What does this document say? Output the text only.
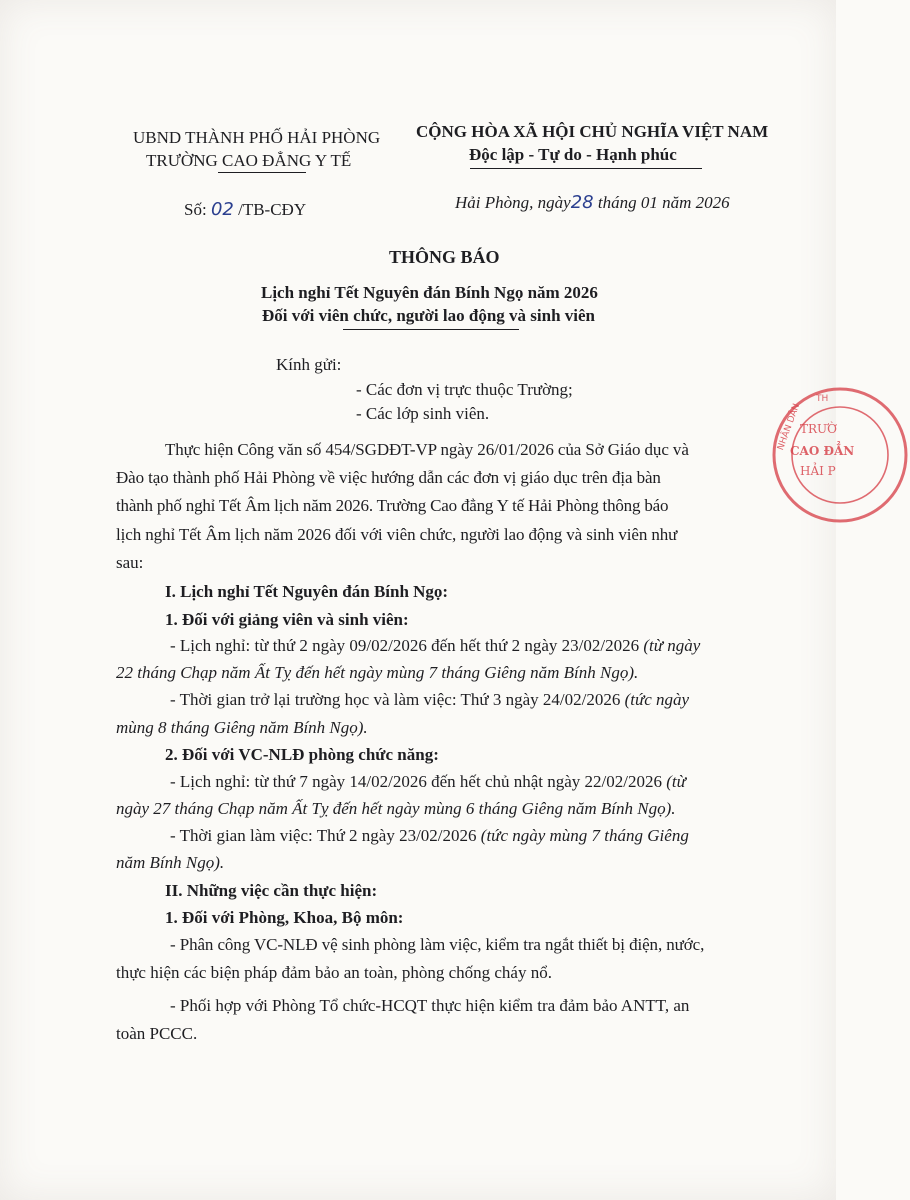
UBND THÀNH PHỐ HẢI PHÒNG
TRƯỜNG CAO ĐẲNG Y TẾ
CỘNG HÒA XÃ HỘI CHỦ NGHĨA VIỆT NAM
Độc lập - Tự do - Hạnh phúc
Số: 02 /TB-CĐY	Hải Phòng, ngày28 tháng 01 năm 2026
THÔNG BÁO
Lịch nghỉ Tết Nguyên đán Bính Ngọ năm 2026
Đối với viên chức, người lao động và sinh viên
Kính gửi:
- Các đơn vị trực thuộc Trường;
- Các lớp sinh viên.
Thực hiện Công văn số 454/SGDĐT-VP ngày 26/01/2026 của Sở Giáo dục và
Đào tạo thành phố Hải Phòng về việc hướng dẫn các đơn vị giáo dục trên địa bàn
thành phố nghỉ Tết Âm lịch năm 2026. Trường Cao đẳng Y tế Hải Phòng thông báo
lịch nghỉ Tết Âm lịch năm 2026 đối với viên chức, người lao động và sinh viên như
sau:
I. Lịch nghỉ Tết Nguyên đán Bính Ngọ:
1. Đối với giảng viên và sinh viên:
- Lịch nghỉ: từ thứ 2 ngày 09/02/2026 đến hết thứ 2 ngày 23/02/2026 (từ ngày
22 tháng Chạp năm Ất Tỵ đến hết ngày mùng 7 tháng Giêng năm Bính Ngọ).
- Thời gian trở lại trường học và làm việc: Thứ 3 ngày 24/02/2026 (tức ngày
mùng 8 tháng Giêng năm Bính Ngọ).
2. Đối với VC-NLĐ phòng chức năng:
- Lịch nghỉ: từ thứ 7 ngày 14/02/2026 đến hết chủ nhật ngày 22/02/2026 (từ
ngày 27 tháng Chạp năm Ất Tỵ đến hết ngày mùng 6 tháng Giêng năm Bính Ngọ).
- Thời gian làm việc: Thứ 2 ngày 23/02/2026 (tức ngày mùng 7 tháng Giêng
năm Bính Ngọ).
II. Những việc cần thực hiện:
1. Đối với Phòng, Khoa, Bộ môn:
- Phân công VC-NLĐ vệ sinh phòng làm việc, kiểm tra ngắt thiết bị điện, nước,
thực hiện các biện pháp đảm bảo an toàn, phòng chống cháy nổ.
- Phối hợp với Phòng Tổ chức-HCQT thực hiện kiểm tra đảm bảo ANTT, an
toàn PCCC.
NHÂN DÂN
TH
TRƯỜ
CAO ĐẲN
HẢI P
